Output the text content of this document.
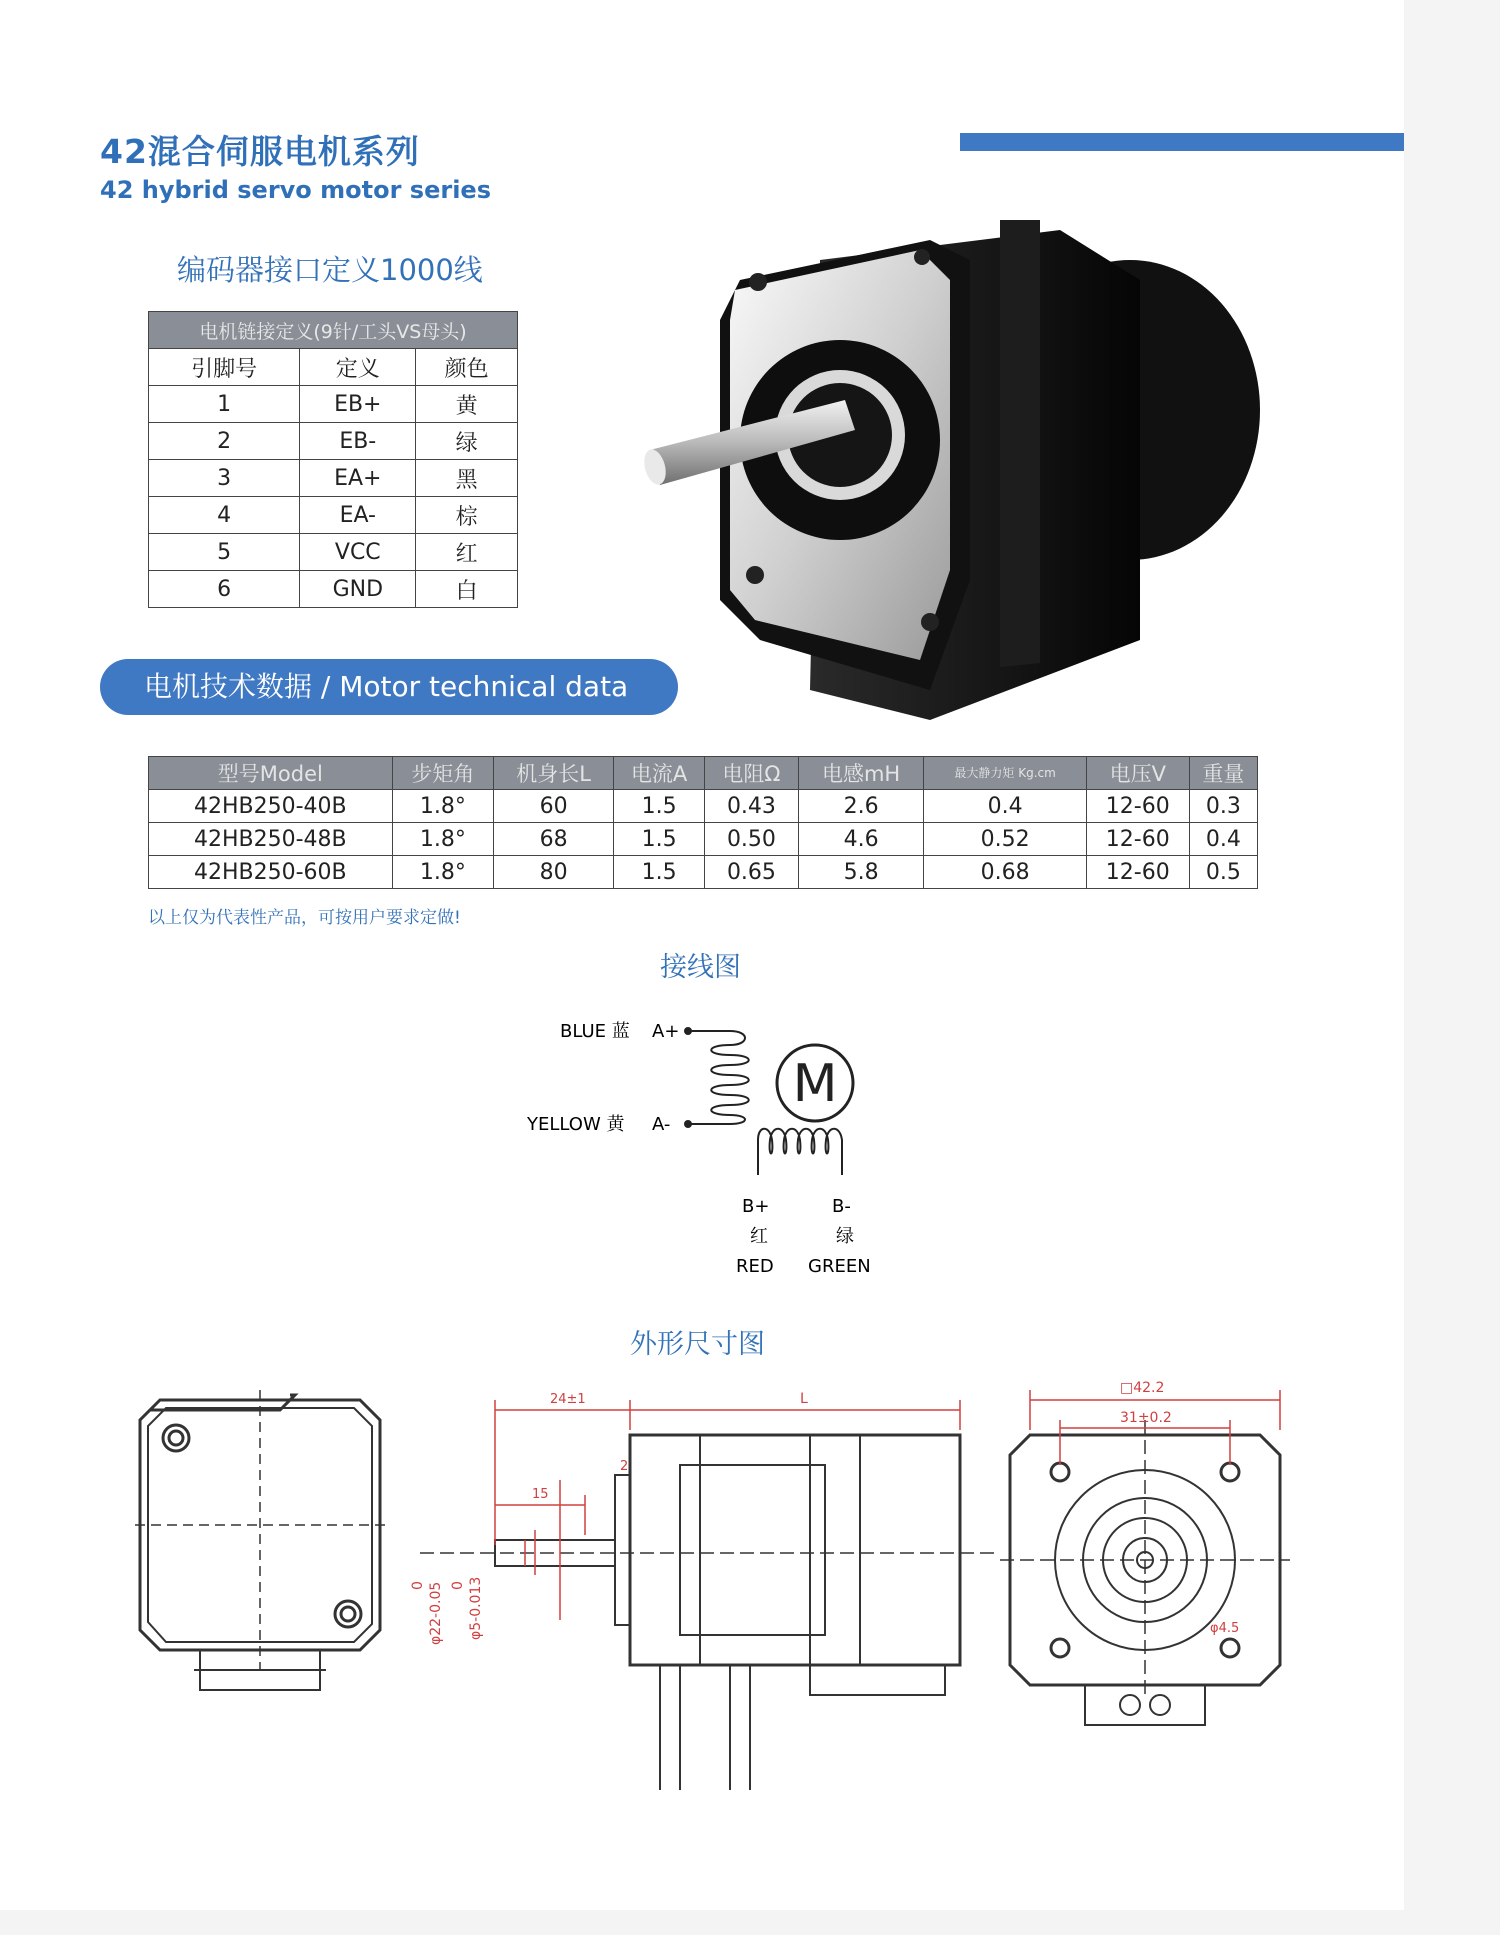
42混合伺服电机系列
42 hybrid servo motor series
编码器接口定义1000线
电机链接定义(9针/工头VS母头)		
引脚号	定义	颜色
1	EB+	黄
2	EB-	绿
3	EA+	黑
4	EA-	棕
5	VCC	红
6	GND	白
电机技术数据 / Motor technical data
型号Model	步矩角	机身长L	电流A	电阻Ω	电感mH	最大静力矩 Kg.cm	电压V	重量
42HB250-40B	1.8°	60	1.5	0.43	2.6	0.4	12-60	0.3
42HB250-48B	1.8°	68	1.5	0.50	4.6	0.52	12-60	0.4
42HB250-60B	1.8°	80	1.5	0.65	5.8	0.68	12-60	0.5
以上仅为代表性产品，可按用户要求定做!
接线图
BLUE 蓝 A+
YELLOW 黄 A-
M
B+
红
RED
B-
绿
GREEN
外形尺寸图
24±1	L
15
2
φ22-0.05
0	φ5-0.013
0
□42.2
31±0.2
φ4.5
